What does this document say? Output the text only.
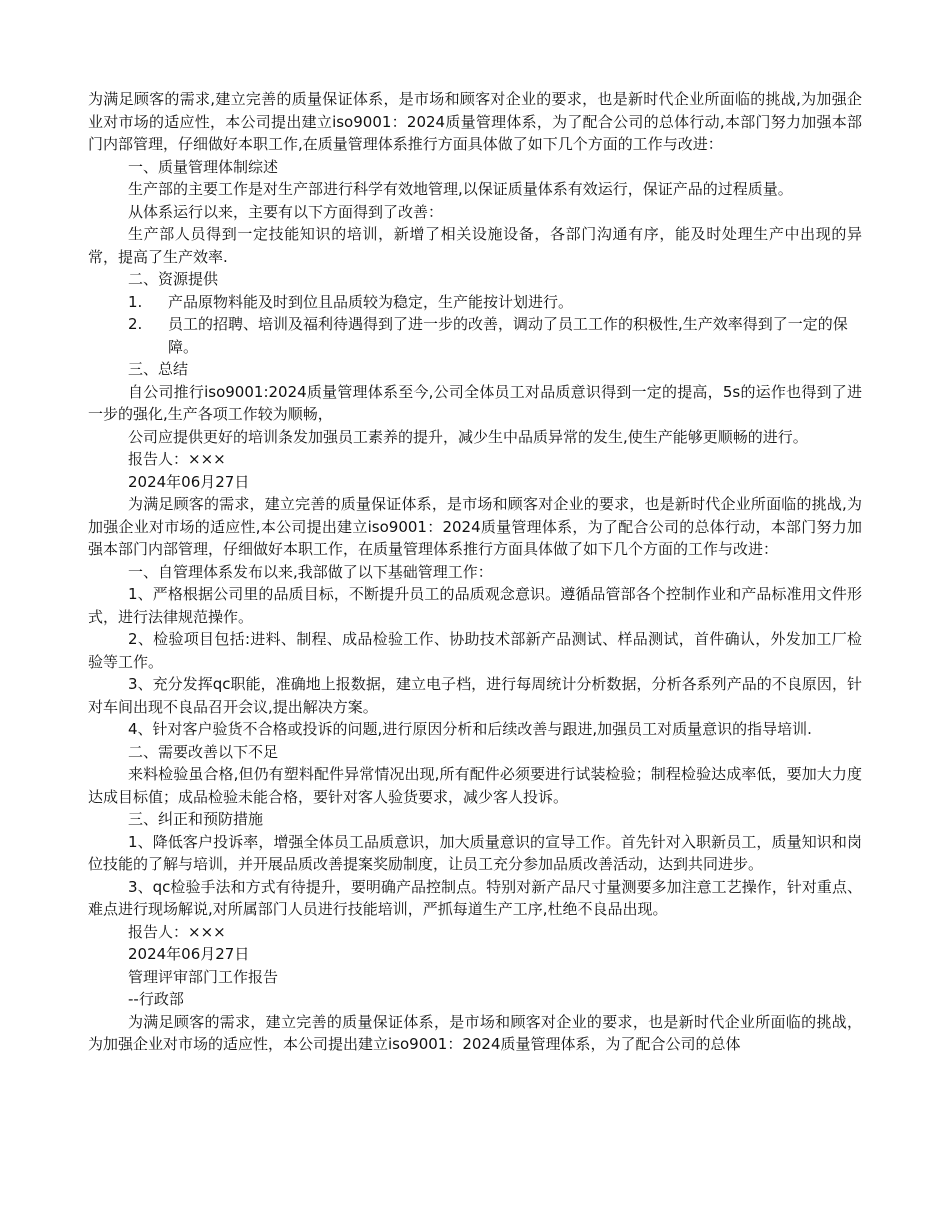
为满足顾客的需求,建立完善的质量保证体系，是市场和顾客对企业的要求，也是新时代企业所面临的挑战,为加强企业对市场的适应性，本公司提出建立iso9001：2024质量管理体系，为了配合公司的总体行动,本部门努力加强本部门内部管理，仔细做好本职工作,在质量管理体系推行方面具体做了如下几个方面的工作与改进：

一、质量管理体制综述

生产部的主要工作是对生产部进行科学有效地管理,以保证质量体系有效运行，保证产品的过程质量。

从体系运行以来，主要有以下方面得到了改善：

生产部人员得到一定技能知识的培训，新增了相关设施设备，各部门沟通有序，能及时处理生产中出现的异常，提高了生产效率.

二、资源提供

1.	产品原物料能及时到位且品质较为稳定，生产能按计划进行。
2.	员工的招聘、培训及福利待遇得到了进一步的改善，调动了员工工作的积极性,生产效率得到了一定的保障。

三、总结

自公司推行iso9001:2024质量管理体系至今,公司全体员工对品质意识得到一定的提高，5s的运作也得到了进一步的强化,生产各项工作较为顺畅，

公司应提供更好的培训条发加强员工素养的提升，减少生中品质异常的发生,使生产能够更顺畅的进行。

报告人：×××

2024年06月27日

为满足顾客的需求，建立完善的质量保证体系，是市场和顾客对企业的要求，也是新时代企业所面临的挑战,为加强企业对市场的适应性,本公司提出建立iso9001：2024质量管理体系，为了配合公司的总体行动，本部门努力加强本部门内部管理，仔细做好本职工作，在质量管理体系推行方面具体做了如下几个方面的工作与改进：

一、自管理体系发布以来,我部做了以下基础管理工作：

1、严格根据公司里的品质目标，不断提升员工的品质观念意识。遵循品管部各个控制作业和产品标准用文件形式，进行法律规范操作。

2、检验项目包括:进料、制程、成品检验工作、协助技术部新产品测试、样品测试，首件确认，外发加工厂检验等工作。

3、充分发挥qc职能，准确地上报数据，建立电子档，进行每周统计分析数据，分析各系列产品的不良原因，针对车间出现不良品召开会议,提出解决方案。

4、针对客户验货不合格或投诉的问题,进行原因分析和后续改善与跟进,加强员工对质量意识的指导培训.

二、需要改善以下不足

来料检验虽合格,但仍有塑料配件异常情况出现,所有配件必须要进行试装检验；制程检验达成率低，要加大力度达成目标值；成品检验未能合格，要针对客人验货要求，减少客人投诉。

三、纠正和预防措施

1、降低客户投诉率，增强全体员工品质意识，加大质量意识的宣导工作。首先针对入职新员工，质量知识和岗位技能的了解与培训，并开展品质改善提案奖励制度，让员工充分参加品质改善活动，达到共同进步。

3、qc检验手法和方式有待提升，要明确产品控制点。特别对新产品尺寸量测要多加注意工艺操作，针对重点、难点进行现场解说,对所属部门人员进行技能培训，严抓每道生产工序,杜绝不良品出现。

报告人：×××

2024年06月27日

管理评审部门工作报告

--行政部

为满足顾客的需求，建立完善的质量保证体系，是市场和顾客对企业的要求，也是新时代企业所面临的挑战，为加强企业对市场的适应性，本公司提出建立iso9001：2024质量管理体系，为了配合公司的总体
